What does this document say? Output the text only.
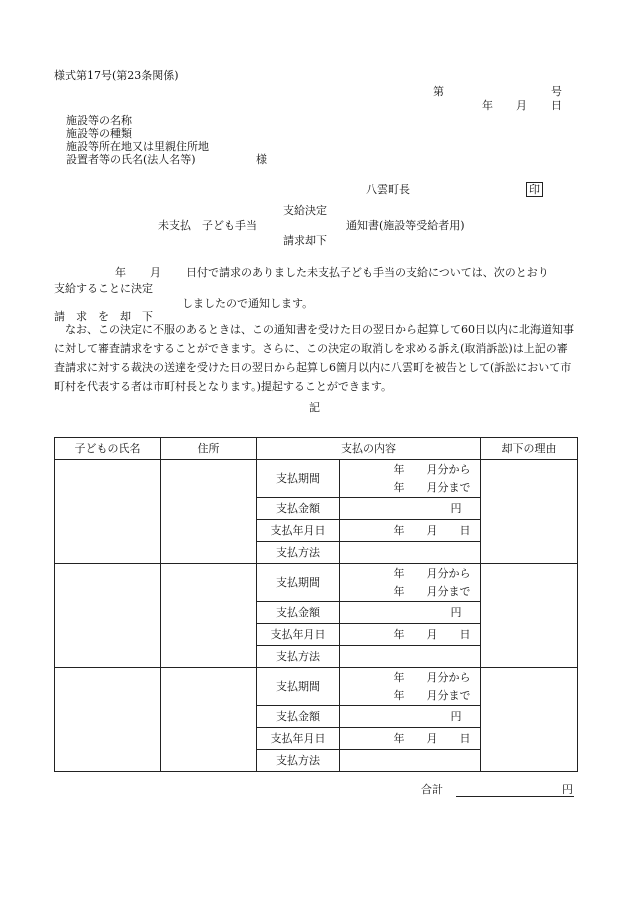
様式第17号(第23条関係)
第	号
年 月 日
施設等の名称
施設等の種類
施設等所在地又は里親住所地
設置者等の氏名(法人名等)	様
八雲町長	印
支給決定
未支払　子ども手当	通知書(施設等受給者用)
請求却下
年 月 日付で請求のありました未支払子ども手当の支給については、次のとおり
支給することに決定
しましたので通知します。
請　求　を　却　下
　なお、この決定に不服のあるときは、この通知書を受けた日の翌日から起算して60日以内に北海道知事に対して審査請求をすることができます。さらに、この決定の取消しを求める訴え(取消訴訟)は上記の審査請求に対する裁決の送達を受けた日の翌日から起算し6箇月以内に八雲町を被告として(訴訟において市町村を代表する者は市町村長となります。)提起することができます。
記
子どもの氏名	住所	支払の内容		却下の理由
		支払期間	年　　月分から
年　　月分まで	

		支払金額	円	
		支払年月日	年　　月　　日	
		支払方法		
		支払期間	年　　月分から
年　　月分まで	

		支払金額	円	
		支払年月日	年　　月　　日	
		支払方法		
		支払期間	年　　月分から
年　　月分まで	

		支払金額	円	
		支払年月日	年　　月　　日	
		支払方法		
合計	円
